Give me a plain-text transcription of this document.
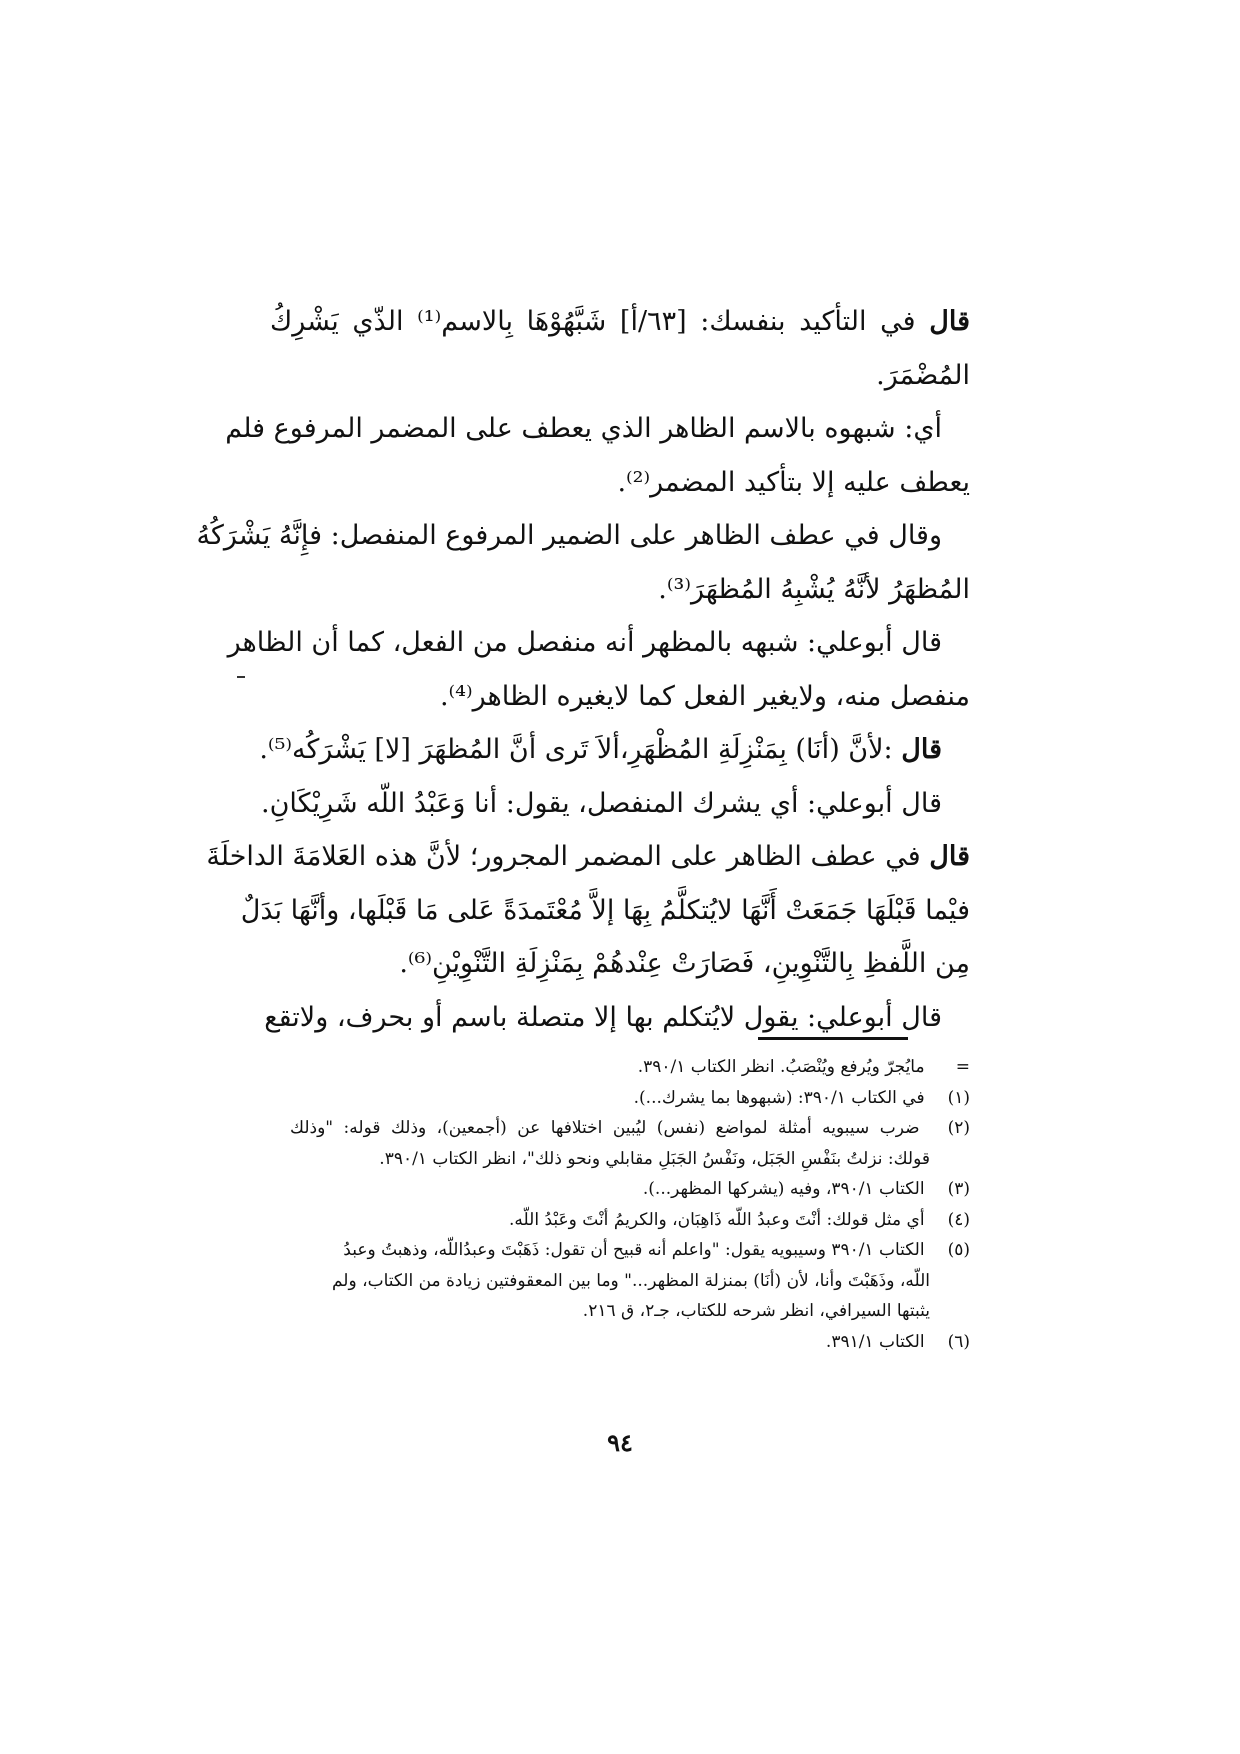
قال في التأكيد بنفسك: [٦٣/أ] شَبَّهُوْهَا بِالاسم⁽¹⁾ الذّي يَشْرِكُ
المُضْمَرَ.
أي: شبهوه بالاسم الظاهر الذي يعطف على المضمر المرفوع فلم
يعطف عليه إلا بتأكيد المضمر⁽²⁾.
وقال في عطف الظاهر على الضمير المرفوع المنفصل: فإِنَّهُ يَشْرَكُهُ
المُظهَرُ لأنَّهُ يُشْبِهُ المُظهَرَ⁽³⁾.
قال أبوعلي: شبهه بالمظهر أنه منفصل من الفعل، كما أن الظاهر
منفصل منه، ولايغير الفعل كما لايغيره الظاهر⁽⁴⁾.
قال :لأنَّ (أنَا) بِمَنْزِلَةِ المُظْهَرِ،ألاَ تَرى أنَّ المُظهَرَ [لا] يَشْرَكُه⁽⁵⁾.
قال أبوعلي: أي يشرك المنفصل، يقول: أنا وَعَبْدُ اللّه شَرِيْكَانِ.
قال في عطف الظاهر على المضمر المجرور؛ لأنَّ هذه العَلامَةَ الداخلَةَ
فيْما قَبْلَهَا جَمَعَتْ أَنَّهَا لايُتكلَّمُ بِهَا إلاَّ مُعْتَمدَةً عَلى مَا قَبْلَها، وأنَّهَا بَدَلٌ
مِن اللَّفظِ بِالتَّنْوِينِ، فَصَارَتْ عِنْدهُمْ بِمَنْزِلَةِ التَّنْوِيْنِ⁽⁶⁾.
قال أبوعلي: يقول لايُتكلم بها إلا متصلة باسم أو بحرف، ولاتقع
= مايُجرّ ويُرفع ويُنْصَبُ. انظر الكتاب ٣٩٠/١.
(١) في الكتاب ٣٩٠/١: (شبهوها بما يشرك...).
(٢) ضرب سيبويه أمثلة لمواضع (نفس) ليُبين اختلافها عن (أجمعين)، وذلك قوله: "وذلك
قولك: نزلتُ بنَفْسِ الجَبَل، ونَفْسُ الجَبَلِ مقابلي ونحو ذلك"، انظر الكتاب ٣٩٠/١.
(٣) الكتاب ٣٩٠/١، وفيه (يشركها المظهر...).
(٤) أي مثل قولك: أنْتَ وعبدُ اللّه ذَاهِبَان، والكريمُ أنْتَ وعَبْدُ اللّه.
(٥) الكتاب ٣٩٠/١ وسيبويه يقول: "واعلم أنه قبيح أن تقول: ذَهَبْتَ وعبدُاللّه، وذهبتُ وعبدُ
اللّه، وذَهَبْتَ وأنا، لأن (أنَا) بمنزلة المظهر..." وما بين المعقوفتين زيادة من الكتاب، ولم
يثبتها السيرافي، انظر شرحه للكتاب، جـ٢، ق ٢١٦.
(٦) الكتاب ٣٩١/١.
٩٤
